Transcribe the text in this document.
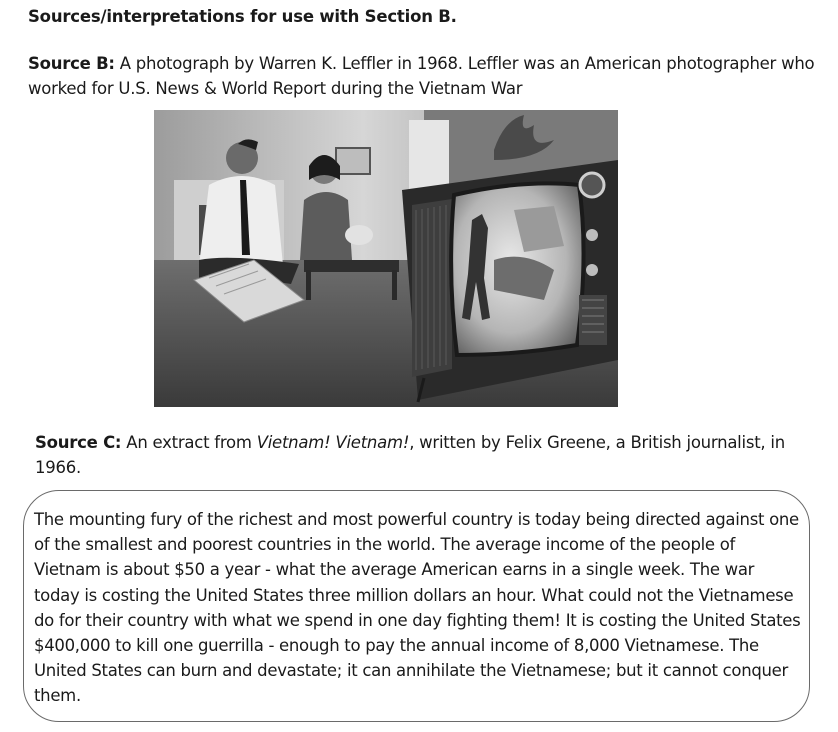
Sources/interpretations for use with Section B.

Source B: A photograph by Warren K. Leffler in 1968. Leffler was an American photographer who worked for U.S. News & World Report during the Vietnam War

Source C: An extract from Vietnam! Vietnam!, written by Felix Greene, a British journalist, in 1966.

The mounting fury of the richest and most powerful country is today being directed against one of the smallest and poorest countries in the world. The average income of the people of Vietnam is about $50 a year - what the average American earns in a single week. The war today is costing the United States three million dollars an hour. What could not the Vietnamese do for their country with what we spend in one day fighting them! It is costing the United States $400,000 to kill one guerrilla - enough to pay the annual income of 8,000 Vietnamese. The United States can burn and devastate; it can annihilate the Vietnamese; but it cannot conquer them.
